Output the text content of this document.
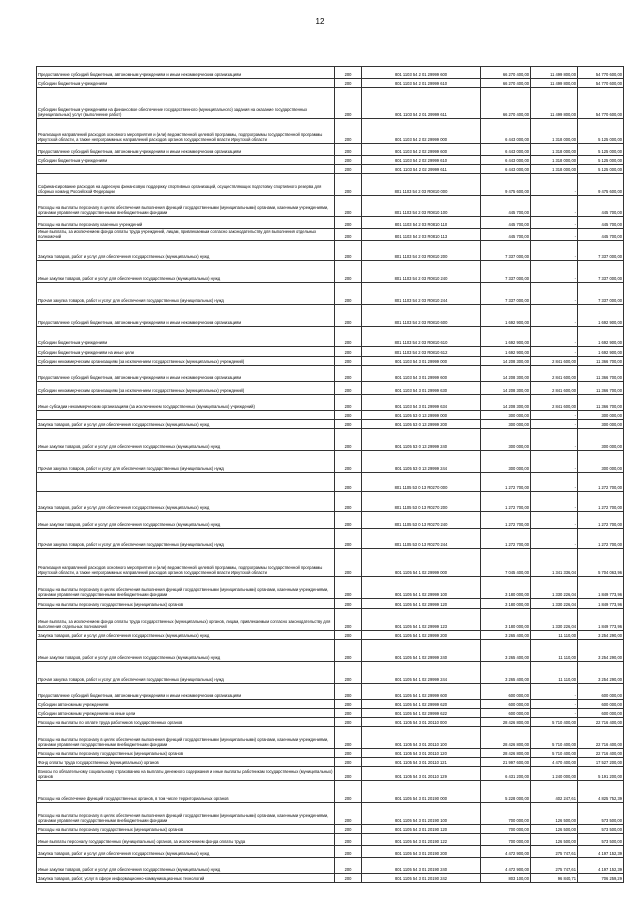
12
Предоставление субсидий бюджетным, автономным учреждениям и иным некоммерческим организациям	200	801 1103 54 2 01 29999 600	66 270 400,00	11 499 800,00	54 770 600,00
Субсидии бюджетным учреждениям	200	801 1103 54 2 01 29999 610	66 270 400,00	11 499 800,00	54 770 600,00
Субсидии бюджетным учреждениям на финансовое обеспечение государственного (муниципального) задания на оказание государственных (муниципальных) услуг (выполнение работ)	200	801 1103 54 2 01 29999 611	66 270 400,00	11 499 800,00	54 770 600,00
Реализация направлений расходов основного мероприятия и (или) ведомственной целевой программы, подпрограммы государственной программы Иркутской области, а также непрограммных направлений расходов органов государственной власти Иркутской области	200	801 1103 54 2 02 29999 000	6 443 000,00	1 318 000,00	5 125 000,00
Предоставление субсидий бюджетным, автономным учреждениям и иным некоммерческим организациям	200	801 1103 54 2 02 29999 600	6 443 000,00	1 318 000,00	5 125 000,00
Субсидии бюджетным учреждениям	200	801 1103 54 2 02 29999 610	6 443 000,00	1 318 000,00	5 125 000,00
	200	801 1103 54 2 02 29999 611	6 443 000,00	1 318 000,00	5 125 000,00
Софинансирование расходов на адресную финансовую поддержку спортивных организаций, осуществляющих подготовку спортивного резерва для сборных команд Российской Федерации	200	801 1103 54 2 03 R0810 000	9 475 600,00	-	9 475 600,00
Расходы на выплаты персоналу в целях обеспечения выполнения функций государственными (муниципальными) органами, казенными учреждениями, органами управления государственными внебюджетными фондами	200	801 1103 54 2 03 R0810 100	445 700,00	-	445 700,00
Расходы на выплаты персоналу казенных учреждений	200	801 1103 54 2 03 R0810 110	445 700,00	-	445 700,00
Иные выплаты, за исключением фонда оплаты труда учреждений, лицам, привлекаемым согласно законодательству для выполнения отдельных полномочий	200	801 1103 54 2 03 R0810 113	445 700,00	-	445 700,00
Закупка товаров, работ и услуг для обеспечения государственных (муниципальных) нужд	200	801 1103 54 2 03 R0810 200	7 337 000,00	-	7 337 000,00
Иные закупки товаров, работ и услуг для обеспечения государственных (муниципальных) нужд	200	801 1103 54 2 03 R0810 240	7 337 000,00	-	7 337 000,00
Прочая закупка товаров, работ и услуг для обеспечения государственных (муниципальных) нужд	200	801 1103 54 2 03 R0810 244	7 337 000,00	-	7 337 000,00
Предоставление субсидий бюджетным, автономным учреждениям и иным некоммерческим организациям	200	801 1103 54 2 03 R0810 600	1 692 900,00	-	1 692 900,00
Субсидии бюджетным учреждениям	200	801 1103 54 2 03 R0810 610	1 692 900,00	-	1 692 900,00
Субсидии бюджетным учреждениям на иные цели	200	801 1103 54 2 03 R0810 612	1 692 900,00	-	1 692 900,00
Субсидии некоммерческим организациям (за исключением государственных (муниципальных) учреждений)	200	801 1103 54 3 01 29999 000	14 208 300,00	2 841 600,00	11 366 700,00
Предоставление субсидий бюджетным, автономным учреждениям и иным некоммерческим организациям	200	801 1103 54 3 01 29999 600	14 208 300,00	2 841 600,00	11 366 700,00
Субсидии некоммерческим организациям (за исключением государственных (муниципальных) учреждений)	200	801 1103 54 3 01 29999 630	14 208 300,00	2 841 600,00	11 366 700,00
Иные субсидии некоммерческим организациям (за исключением государственных (муниципальных) учреждений)	200	801 1103 54 3 01 29999 634	14 208 300,00	2 841 600,00	11 366 700,00
	200	801 1105 53 0 13 29999 000	300 000,00	-	300 000,00
Закупка товаров, работ и услуг для обеспечения государственных (муниципальных) нужд	200	801 1105 53 0 13 29999 200	300 000,00	-	300 000,00
Иные закупки товаров, работ и услуг для обеспечения государственных (муниципальных) нужд	200	801 1105 53 0 13 29999 240	300 000,00	-	300 000,00
Прочая закупка товаров, работ и услуг для обеспечения государственных (муниципальных) нужд	200	801 1105 53 0 13 29999 244	300 000,00	-	300 000,00
	200	801 1105 53 0 13 R0270 000	1 272 700,00	-	1 272 700,00
Закупка товаров, работ и услуг для обеспечения государственных (муниципальных) нужд	200	801 1105 53 0 13 R0270 200	1 272 700,00	-	1 272 700,00
Иные закупки товаров, работ и услуг для обеспечения государственных (муниципальных) нужд	200	801 1105 53 0 13 R0270 240	1 272 700,00	-	1 272 700,00
Прочая закупка товаров, работ и услуг для обеспечения государственных (муниципальных) нужд	200	801 1105 53 0 13 R0270 244	1 272 700,00	-	1 272 700,00
Реализация направлений расходов основного мероприятия и (или) ведомственной целевой программы, подпрограммы государственной программы Иркутской области, а также непрограммных направлений расходов органов государственной власти Иркутской области	200	801 1105 54 1 02 29999 000	7 045 400,00	1 341 336,04	5 704 063,96
Расходы на выплаты персоналу в целях обеспечения выполнения функций государственными (муниципальными) органами, казенными учреждениями, органами управления государственными внебюджетными фондами	200	801 1105 54 1 02 29999 100	3 180 000,00	1 330 226,04	1 849 773,96
Расходы на выплаты персоналу государственных (муниципальных) органов	200	801 1105 54 1 02 29999 120	3 180 000,00	1 330 226,04	1 849 773,96
Иные выплаты, за исключением фонда оплаты труда государственных (муниципальных) органов, лицам, привлекаемым согласно законодательству для выполнения отдельных полномочий	200	801 1105 54 1 02 29999 123	3 180 000,00	1 330 226,04	1 849 773,96
Закупка товаров, работ и услуг для обеспечения государственных (муниципальных) нужд	200	801 1105 54 1 02 29999 200	3 265 400,00	11 110,00	3 254 290,00
Иные закупки товаров, работ и услуг для обеспечения государственных (муниципальных) нужд	200	801 1105 54 1 02 29999 240	3 265 400,00	11 110,00	3 254 290,00
Прочая закупка товаров, работ и услуг для обеспечения государственных (муниципальных) нужд	200	801 1105 54 1 02 29999 244	3 265 400,00	11 110,00	3 254 290,00
Предоставление субсидий бюджетным, автономным учреждениям и иным некоммерческим организациям	200	801 1105 54 1 02 29999 600	600 000,00	-	600 000,00
Субсидии автономным учреждениям	200	801 1105 54 1 02 29999 620	600 000,00	-	600 000,00
Субсидии автономным учреждениям на иные цели	200	801 1105 54 1 02 29999 622	600 000,00	-	600 000,00
Расходы на выплаты по оплате труда работников государственных органов	200	801 1105 54 3 01 20110 000	28 426 800,00	5 710 400,00	22 716 400,00
Расходы на выплаты персоналу в целях обеспечения выполнения функций государственными (муниципальными) органами, казенными учреждениями, органами управления государственными внебюджетными фондами	200	801 1105 54 3 01 20110 100	28 426 800,00	5 710 400,00	22 716 400,00
Расходы на выплаты персоналу государственных (муниципальных) органов	200	801 1105 54 3 01 20110 120	28 426 800,00	5 710 400,00	22 716 400,00
Фонд оплаты труда государственных (муниципальных) органов	200	801 1105 54 3 01 20110 121	21 997 600,00	4 470 400,00	17 527 200,00
Взносы по обязательному социальному страхованию на выплаты денежного содержания и иные выплаты работникам государственных (муниципальных) органов	200	801 1105 54 3 01 20110 129	6 431 200,00	1 240 000,00	5 191 200,00
Расходы на обеспечение функций государственных органов, в том числе территориальных органов	200	801 1105 54 3 01 20190 000	5 228 000,00	402 247,61	4 825 752,39
Расходы на выплаты персоналу в целях обеспечения выполнения функций государственными (муниципальными) органами, казенными учреждениями, органами управления государственными внебюджетными фондами	200	801 1105 54 3 01 20190 100	700 000,00	126 500,00	573 500,00
Расходы на выплаты персоналу государственных (муниципальных) органов	200	801 1105 54 3 01 20190 120	700 000,00	126 500,00	573 500,00
Иные выплаты персоналу государственных (муниципальных) органов, за исключением фонда оплаты труда	200	801 1105 54 3 01 20190 122	700 000,00	126 500,00	573 500,00
Закупка товаров, работ и услуг для обеспечения государственных (муниципальных) нужд	200	801 1105 54 3 01 20190 200	4 472 900,00	275 747,61	4 197 152,39
Иные закупки товаров, работ и услуг для обеспечения государственных (муниципальных) нужд	200	801 1105 54 3 01 20190 240	4 472 900,00	275 747,61	4 197 152,39
Закупка товаров, работ, услуг в сфере информационно-коммуникационных технологий	200	801 1105 54 3 01 20190 242	803 100,00	96 840,71	706 259,29
